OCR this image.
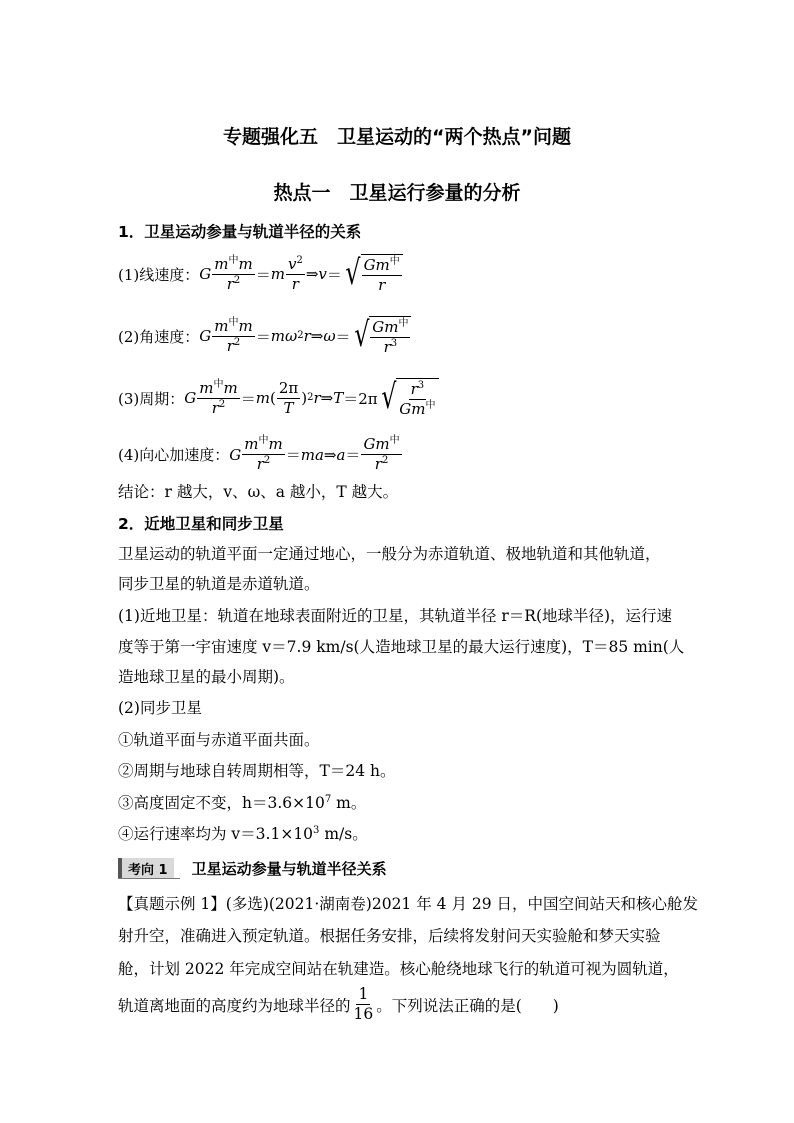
专题强化五　卫星运动的“两个热点”问题
热点一　卫星运行参量的分析
1．卫星运动参量与轨道半径的关系
(1)线速度： G $\frac{m^中m}{r^2} = m \frac{v^2}{r}$ ⇒ v ＝ √ $\frac{Gm^中}{r}$
(2)角速度： G $\frac{m^中m}{r^2} = m\omega$ 2 r ⇒ ω ＝ √ $\frac{Gm^中}{r^3}$
(3)周期： G $\frac{m^中m}{r^2} = m$ ( $\frac{2\pi}{T}$ ) 2 r ⇒ T ＝2π √ $\frac{r^3}{Gm^中}$
(4)向心加速度： G $\frac{m^中m}{r^2}$ ＝ ma ⇒ $a = \frac{Gm^中}{r^2}$
结论：r 越大，v、ω、a 越小，T 越大。
2．近地卫星和同步卫星
卫星运动的轨道平面一定通过地心，一般分为赤道轨道、极地轨道和其他轨道，
同步卫星的轨道是赤道轨道。
(1)近地卫星：轨道在地球表面附近的卫星，其轨道半径 r＝R(地球半径)，运行速
度等于第一宇宙速度 v＝7.9 km/s(人造地球卫星的最大运行速度)，T＝85 min(人
造地球卫星的最小周期)。
(2)同步卫星
①轨道平面与赤道平面共面。
②周期与地球自转周期相等，T＝24 h。
③高度固定不变，$h=3.6\times 10^7$ m。
④运行速率均为 $v=3.1\times 10^3$ m/s。
考向 1	卫星运动参量与轨道半径关系
【真题示例 1】(多选)(2021·湖南卷)2021 年 4 月 29 日，中国空间站天和核心舱发
射升空，准确进入预定轨道。根据任务安排，后续将发射问天实验舱和梦天实验
舱，计划 2022 年完成空间站在轨建造。核心舱绕地球飞行的轨道可视为圆轨道，
轨道离地面的高度约为地球半径的 $\frac{1}{16}$ 。下列说法正确的是(　　)
